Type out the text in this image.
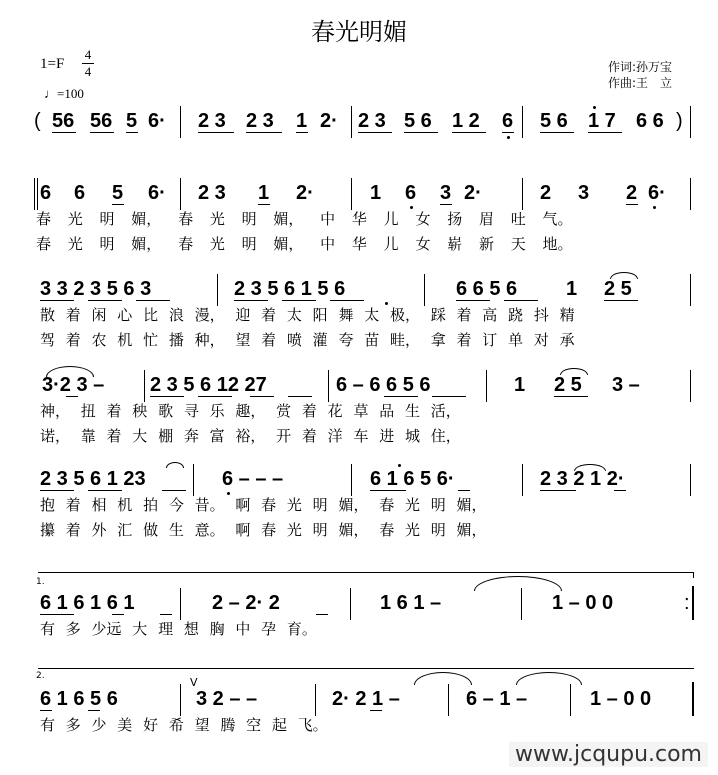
春光明媚
1=F
4
4
♩=100
作词:孙万宝
作曲:王　立
( 56 56 5 6· 2 3 2 3 1 2· 2 3 5 6 1 2 6 5 6 1 7 6 6 )
6 6 5 6· 2 3 1 2·	1 6 3 2·	2 3 2 6·
春 光 明 媚， 春 光 明 媚， 中 华 儿 女 扬 眉 吐 气。
春 光 明 媚， 春 光 明 媚， 中 华 儿 女 崭 新 天 地。
3 3 2 3 5 6 3	2 3 5 6 1 5 6	6 6 5 6 1 2 5
散 着 闲 心 比 浪 漫， 迎 着 太 阳 舞 太 极， 踩 着 高 跷 抖 精
驾 着 农 机 忙 播 种， 望 着 喷 灌 夸 苗 畦， 拿 着 订 单 对 承
3·2 3 – 2 3 5 6 12 27	6 – 6 6 5 6	1 2 5 3 –
神， 扭 着 秧 歌 寻 乐 趣， 赏 着 花 草 品 生 活，
诺， 靠 着 大 棚 奔 富 裕， 开 着 洋 车 进 城 住，
2 3 5 6 1 23	6 – – –	6 1 6 5 6·	2 3 2 1 2·
抱 着 相 机 拍 今 昔。 啊 春 光 明 媚， 春 光 明 媚，
攥 着 外 汇 做 生 意。 啊 春 光 明 媚， 春 光 明 媚，
1.
6 1 6 1 6 1	2 – 2· 2	1 6 1 –	1 – 0 0	:
有 多 少远 大 理 想 胸 中 孕 育。
2.
6 1 6 5 6
V
3 2 – –	2· 2 1 –	6 – 1 –	1 – 0 0
有 多 少 美 好 希 望 腾 空 起 飞。
www.jcqupu.com
